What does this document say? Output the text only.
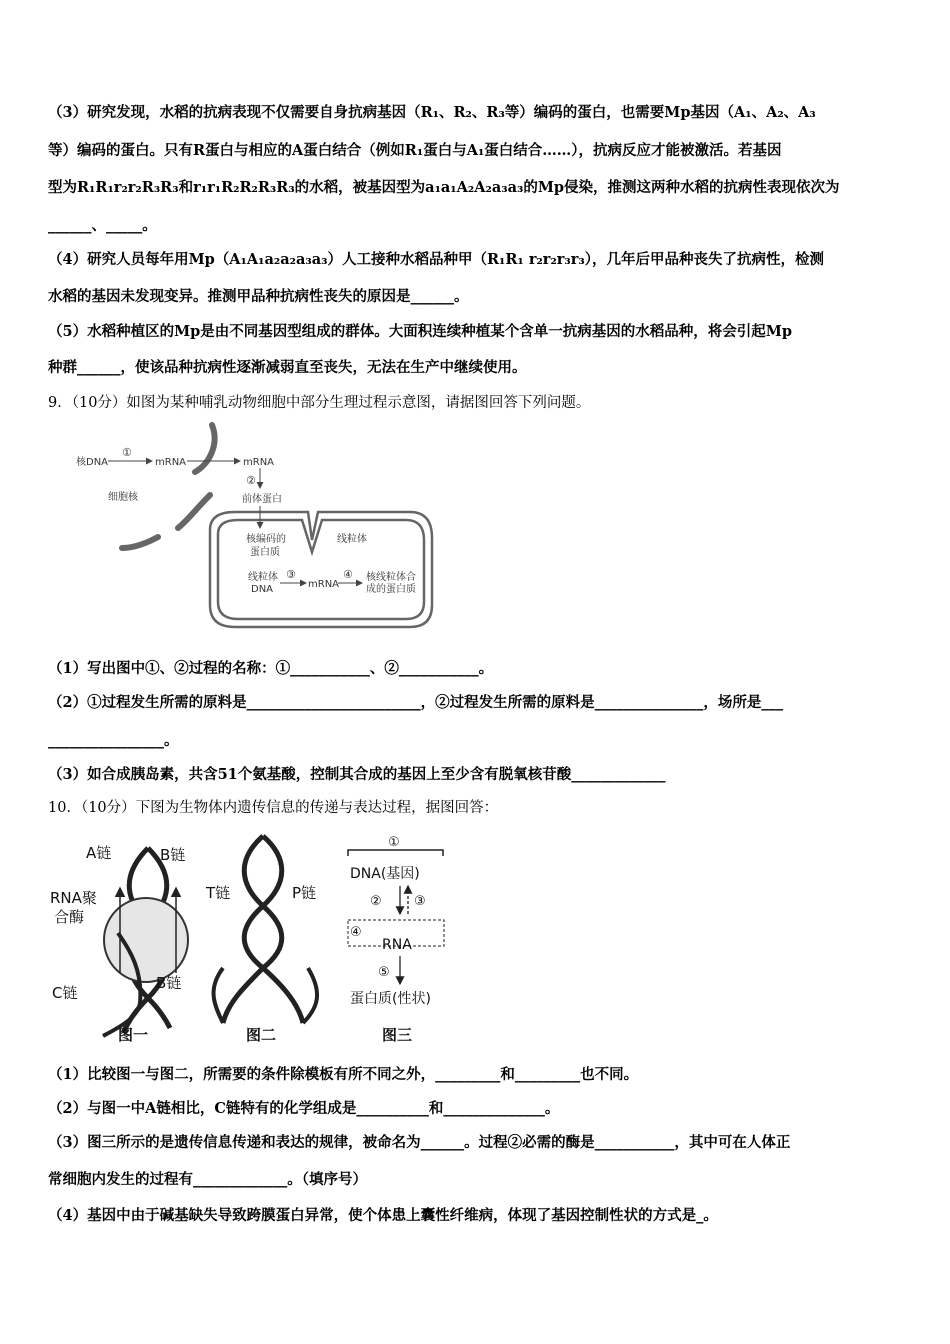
（3）研究发现，水稻的抗病表现不仅需要自身抗病基因（R₁、R₂、R₃等）编码的蛋白，也需要Mp基因（A₁、A₂、A₃
等）编码的蛋白。只有R蛋白与相应的A蛋白结合（例如R₁蛋白与A₁蛋白结合……），抗病反应才能被激活。若基因
型为R₁R₁r₂r₂R₃R₃和r₁r₁R₂R₂R₃R₃的水稻，被基因型为a₁a₁A₂A₂a₃a₃的Mp侵染，推测这两种水稻的抗病性表现依次为
______、_____。
（4）研究人员每年用Mp（A₁A₁a₂a₂a₃a₃）人工接种水稻品种甲（R₁R₁ r₂r₂r₃r₃），几年后甲品种丧失了抗病性，检测
水稻的基因未发现变异。推测甲品种抗病性丧失的原因是______。
（5）水稻种植区的Mp是由不同基因型组成的群体。大面积连续种植某个含单一抗病基因的水稻品种，将会引起Mp
种群______，使该品种抗病性逐渐减弱直至丧失，无法在生产中继续使用。
9．（10分）如图为某种哺乳动物细胞中部分生理过程示意图，请据图回答下列问题。
核DNA
①
mRNA	mRNA
②
前体蛋白
细胞核
核编码的
蛋白质
线粒体
线粒体
DNA
③
mRNA
④ 核线粒体合
成的蛋白质
（1）写出图中①、②过程的名称：①___________、②___________。
（2）①过程发生所需的原料是________________________，②过程发生所需的原料是_______________，场所是___
________________。
（3）如合成胰岛素，共含51个氨基酸，控制其合成的基因上至少含有脱氧核苷酸_____________
10．（10分）下图为生物体内遗传信息的传递与表达过程，据图回答：
A链	B链
RNA聚
合酶
C链
B链
图一
T链	P链
图二
①
DNA(基因)
② ③
④
RNA
⑤
蛋白质(性状)
图三
（1）比较图一与图二，所需要的条件除模板有所不同之外，_________和_________也不同。
（2）与图一中A链相比，C链特有的化学组成是__________和______________。
（3）图三所示的是遗传信息传递和表达的规律，被命名为______。过程②必需的酶是___________，其中可在人体正
常细胞内发生的过程有_____________。（填序号）
（4）基因中由于碱基缺失导致跨膜蛋白异常，使个体患上囊性纤维病，体现了基因控制性状的方式是_。
